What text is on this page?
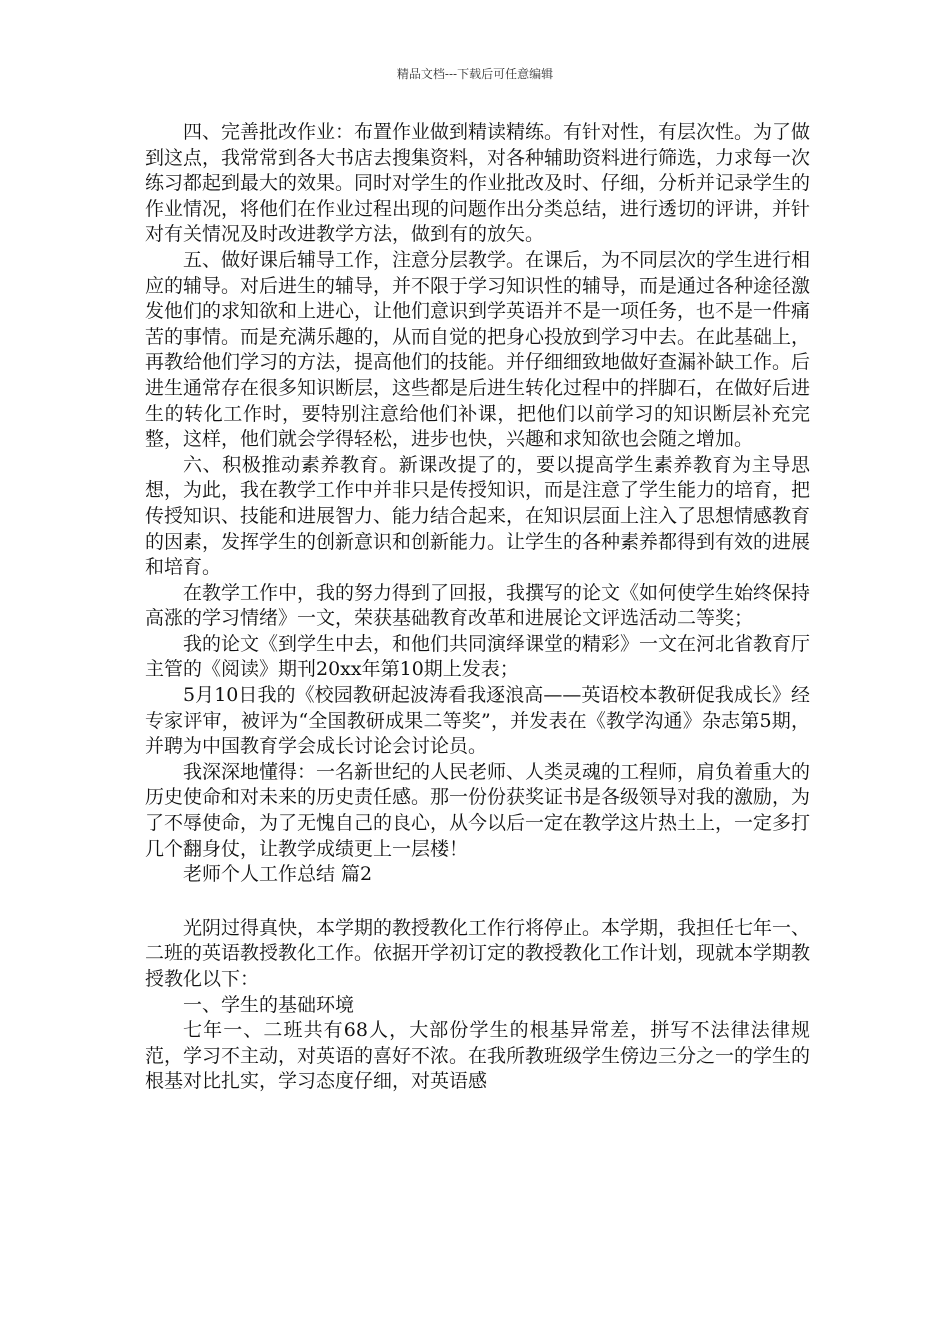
精品文档---下载后可任意编辑

四、完善批改作业：布置作业做到精读精练。有针对性，有层次性。为了做到这点，我常常到各大书店去搜集资料，对各种辅助资料进行筛选，力求每一次练习都起到最大的效果。同时对学生的作业批改及时、仔细，分析并记录学生的作业情况，将他们在作业过程出现的问题作出分类总结，进行透切的评讲，并针对有关情况及时改进教学方法，做到有的放矢。

五、做好课后辅导工作，注意分层教学。在课后，为不同层次的学生进行相应的辅导。对后进生的辅导，并不限于学习知识性的辅导，而是通过各种途径激发他们的求知欲和上进心，让他们意识到学英语并不是一项任务，也不是一件痛苦的事情。而是充满乐趣的，从而自觉的把身心投放到学习中去。在此基础上，再教给他们学习的方法，提高他们的技能。并仔细细致地做好查漏补缺工作。后进生通常存在很多知识断层，这些都是后进生转化过程中的拌脚石，在做好后进生的转化工作时，要特别注意给他们补课，把他们以前学习的知识断层补充完整，这样，他们就会学得轻松，进步也快，兴趣和求知欲也会随之增加。

六、积极推动素养教育。新课改提了的，要以提高学生素养教育为主导思想，为此，我在教学工作中并非只是传授知识，而是注意了学生能力的培育，把传授知识、技能和进展智力、能力结合起来，在知识层面上注入了思想情感教育的因素，发挥学生的创新意识和创新能力。让学生的各种素养都得到有效的进展和培育。

在教学工作中，我的努力得到了回报，我撰写的论文《如何使学生始终保持高涨的学习情绪》一文，荣获基础教育改革和进展论文评选活动二等奖；

我的论文《到学生中去，和他们共同演绎课堂的精彩》一文在河北省教育厅主管的《阅读》期刊20xx年第10期上发表；

5月10日我的《校园教研起波涛看我逐浪高——英语校本教研促我成长》经专家评审，被评为“全国教研成果二等奖”，并发表在《教学沟通》杂志第5期，并聘为中国教育学会成长讨论会讨论员。

我深深地懂得：一名新世纪的人民老师、人类灵魂的工程师，肩负着重大的历史使命和对未来的历史责任感。那一份份获奖证书是各级领导对我的激励，为了不辱使命，为了无愧自己的良心，从今以后一定在教学这片热土上，一定多打几个翻身仗，让教学成绩更上一层楼！

老师个人工作总结 篇2

光阴过得真快，本学期的教授教化工作行将停止。本学期，我担任七年一、二班的英语教授教化工作。依据开学初订定的教授教化工作计划，现就本学期教授教化以下：

一、学生的基础环境

七年一、二班共有68人，大部份学生的根基异常差，拼写不法律法律规范，学习不主动，对英语的喜好不浓。在我所教班级学生傍边三分之一的学生的根基对比扎实，学习态度仔细，对英语感
